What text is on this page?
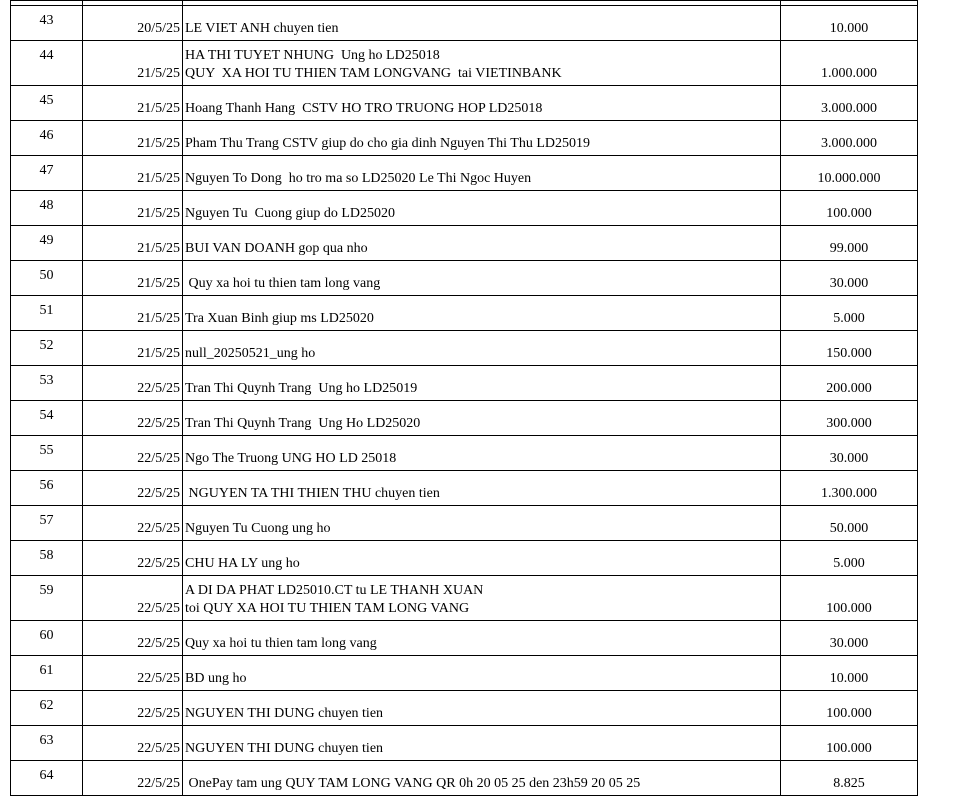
43	20/5/25	LE VIET ANH chuyen tien	10.000
44	21/5/25	HA THI TUYET NHUNG  Ung ho LD25018
QUY  XA HOI TU THIEN TAM LONGVANG  tai VIETINBANK	1.000.000
45	21/5/25	Hoang Thanh Hang  CSTV HO TRO TRUONG HOP LD25018	3.000.000
46	21/5/25	Pham Thu Trang CSTV giup do cho gia dinh Nguyen Thi Thu LD25019	3.000.000
47	21/5/25	Nguyen To Dong  ho tro ma so LD25020 Le Thi Ngoc Huyen	10.000.000
48	21/5/25	Nguyen Tu  Cuong giup do LD25020	100.000
49	21/5/25	BUI VAN DOANH gop qua nho	99.000
50	21/5/25	Quy xa hoi tu thien tam long vang	30.000
51	21/5/25	Tra Xuan Binh giup ms LD25020	5.000
52	21/5/25	null_20250521_ung ho	150.000
53	22/5/25	Tran Thi Quynh Trang  Ung ho LD25019	200.000
54	22/5/25	Tran Thi Quynh Trang  Ung Ho LD25020	300.000
55	22/5/25	Ngo The Truong UNG HO LD 25018	30.000
56	22/5/25	NGUYEN TA THI THIEN THU chuyen tien	1.300.000
57	22/5/25	Nguyen Tu Cuong ung ho	50.000
58	22/5/25	CHU HA LY ung ho	5.000
59	22/5/25	A DI DA PHAT LD25010.CT tu LE THANH XUAN
toi QUY XA HOI TU THIEN TAM LONG VANG	100.000
60	22/5/25	Quy xa hoi tu thien tam long vang	30.000
61	22/5/25	BD ung ho	10.000
62	22/5/25	NGUYEN THI DUNG chuyen tien	100.000
63	22/5/25	NGUYEN THI DUNG chuyen tien	100.000
64	22/5/25	OnePay tam ung QUY TAM LONG VANG QR 0h 20 05 25 den 23h59 20 05 25	8.825
